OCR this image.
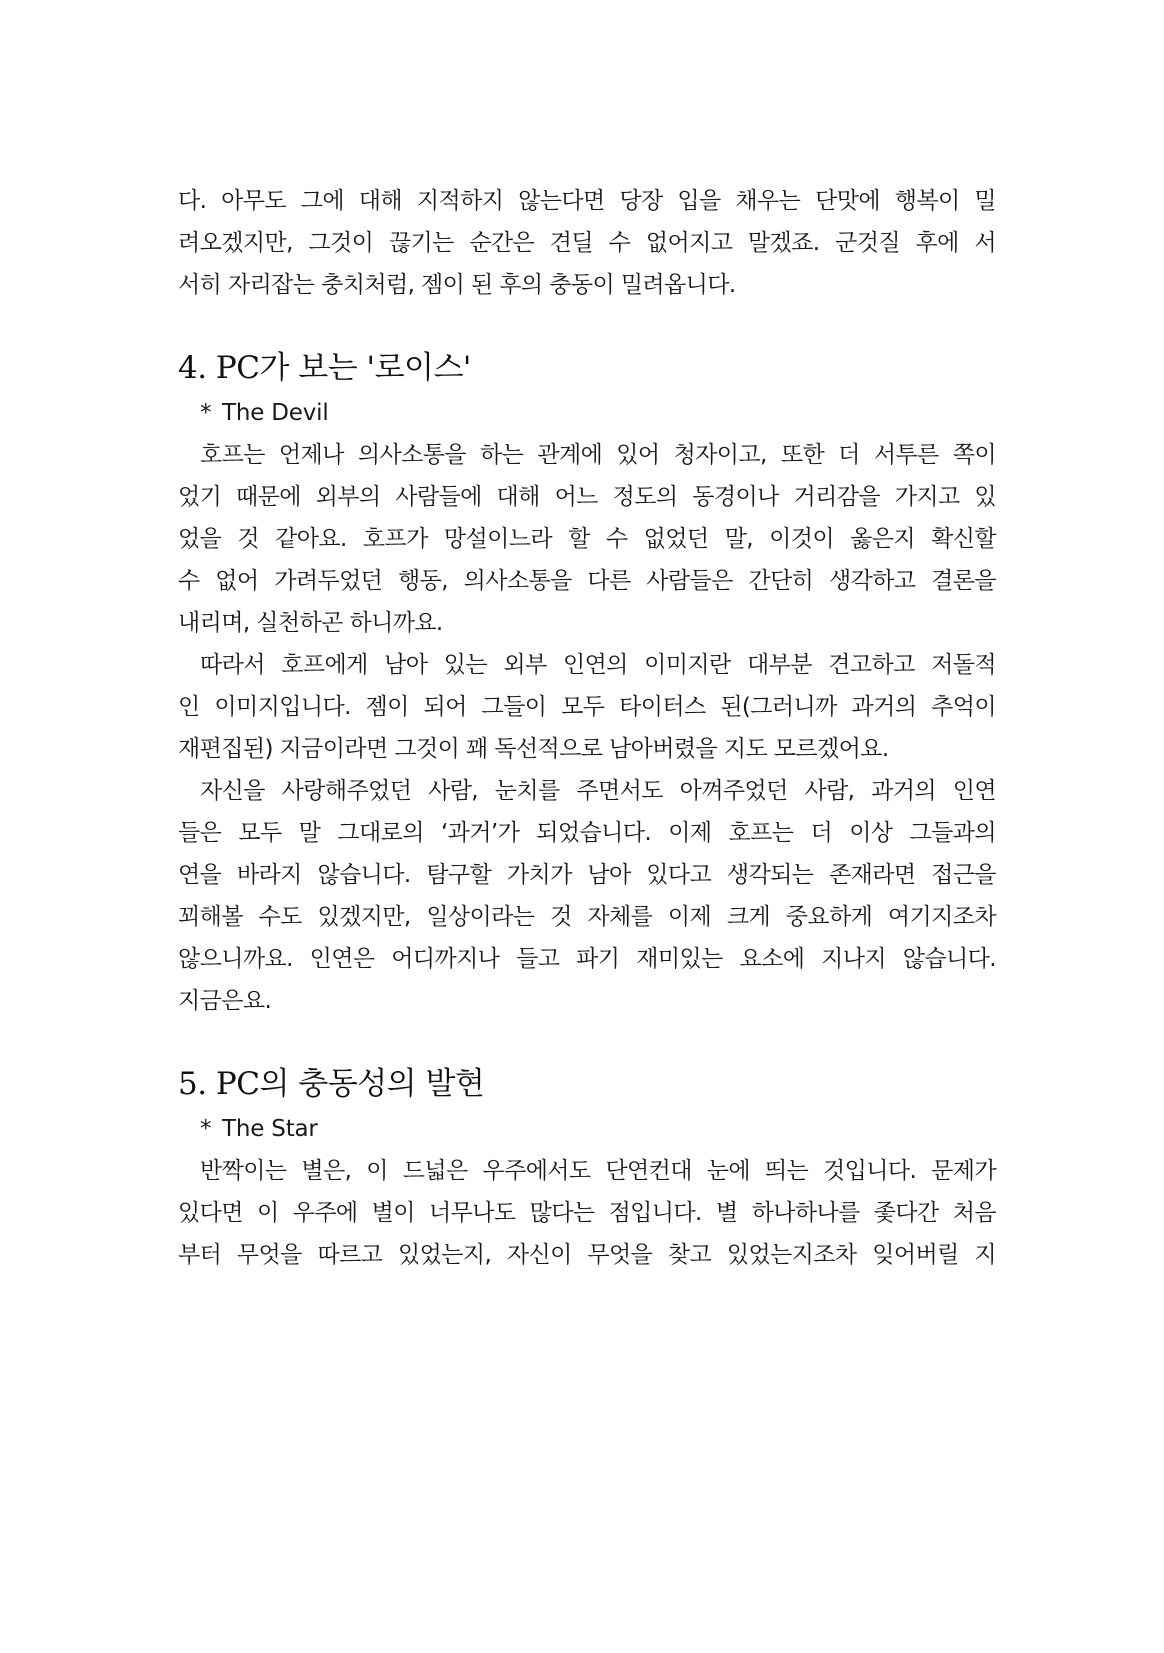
다. 아무도 그에 대해 지적하지 않는다면 당장 입을 채우는 단맛에 행복이 밀
려오겠지만, 그것이 끊기는 순간은 견딜 수 없어지고 말겠죠. 군것질 후에 서
서히 자리잡는 충치처럼, 젬이 된 후의 충동이 밀려옵니다.
4. PC가 보는 '로이스'
* The Devil
호프는 언제나 의사소통을 하는 관계에 있어 청자이고, 또한 더 서투른 쪽이
었기 때문에 외부의 사람들에 대해 어느 정도의 동경이나 거리감을 가지고 있
었을 것 같아요. 호프가 망설이느라 할 수 없었던 말, 이것이 옳은지 확신할
수 없어 가려두었던 행동, 의사소통을 다른 사람들은 간단히 생각하고 결론을
내리며, 실천하곤 하니까요.
따라서 호프에게 남아 있는 외부 인연의 이미지란 대부분 견고하고 저돌적
인 이미지입니다. 젬이 되어 그들이 모두 타이터스 된(그러니까 과거의 추억이
재편집된) 지금이라면 그것이 꽤 독선적으로 남아버렸을 지도 모르겠어요.
자신을 사랑해주었던 사람, 눈치를 주면서도 아껴주었던 사람, 과거의 인연
들은 모두 말 그대로의 ‘과거’가 되었습니다. 이제 호프는 더 이상 그들과의
연을 바라지 않습니다. 탐구할 가치가 남아 있다고 생각되는 존재라면 접근을
꾀해볼 수도 있겠지만, 일상이라는 것 자체를 이제 크게 중요하게 여기지조차
않으니까요. 인연은 어디까지나 들고 파기 재미있는 요소에 지나지 않습니다.
지금은요.
5. PC의 충동성의 발현
* The Star
반짝이는 별은, 이 드넓은 우주에서도 단연컨대 눈에 띄는 것입니다. 문제가
있다면 이 우주에 별이 너무나도 많다는 점입니다. 별 하나하나를 좇다간 처음
부터 무엇을 따르고 있었는지, 자신이 무엇을 찾고 있었는지조차 잊어버릴 지
